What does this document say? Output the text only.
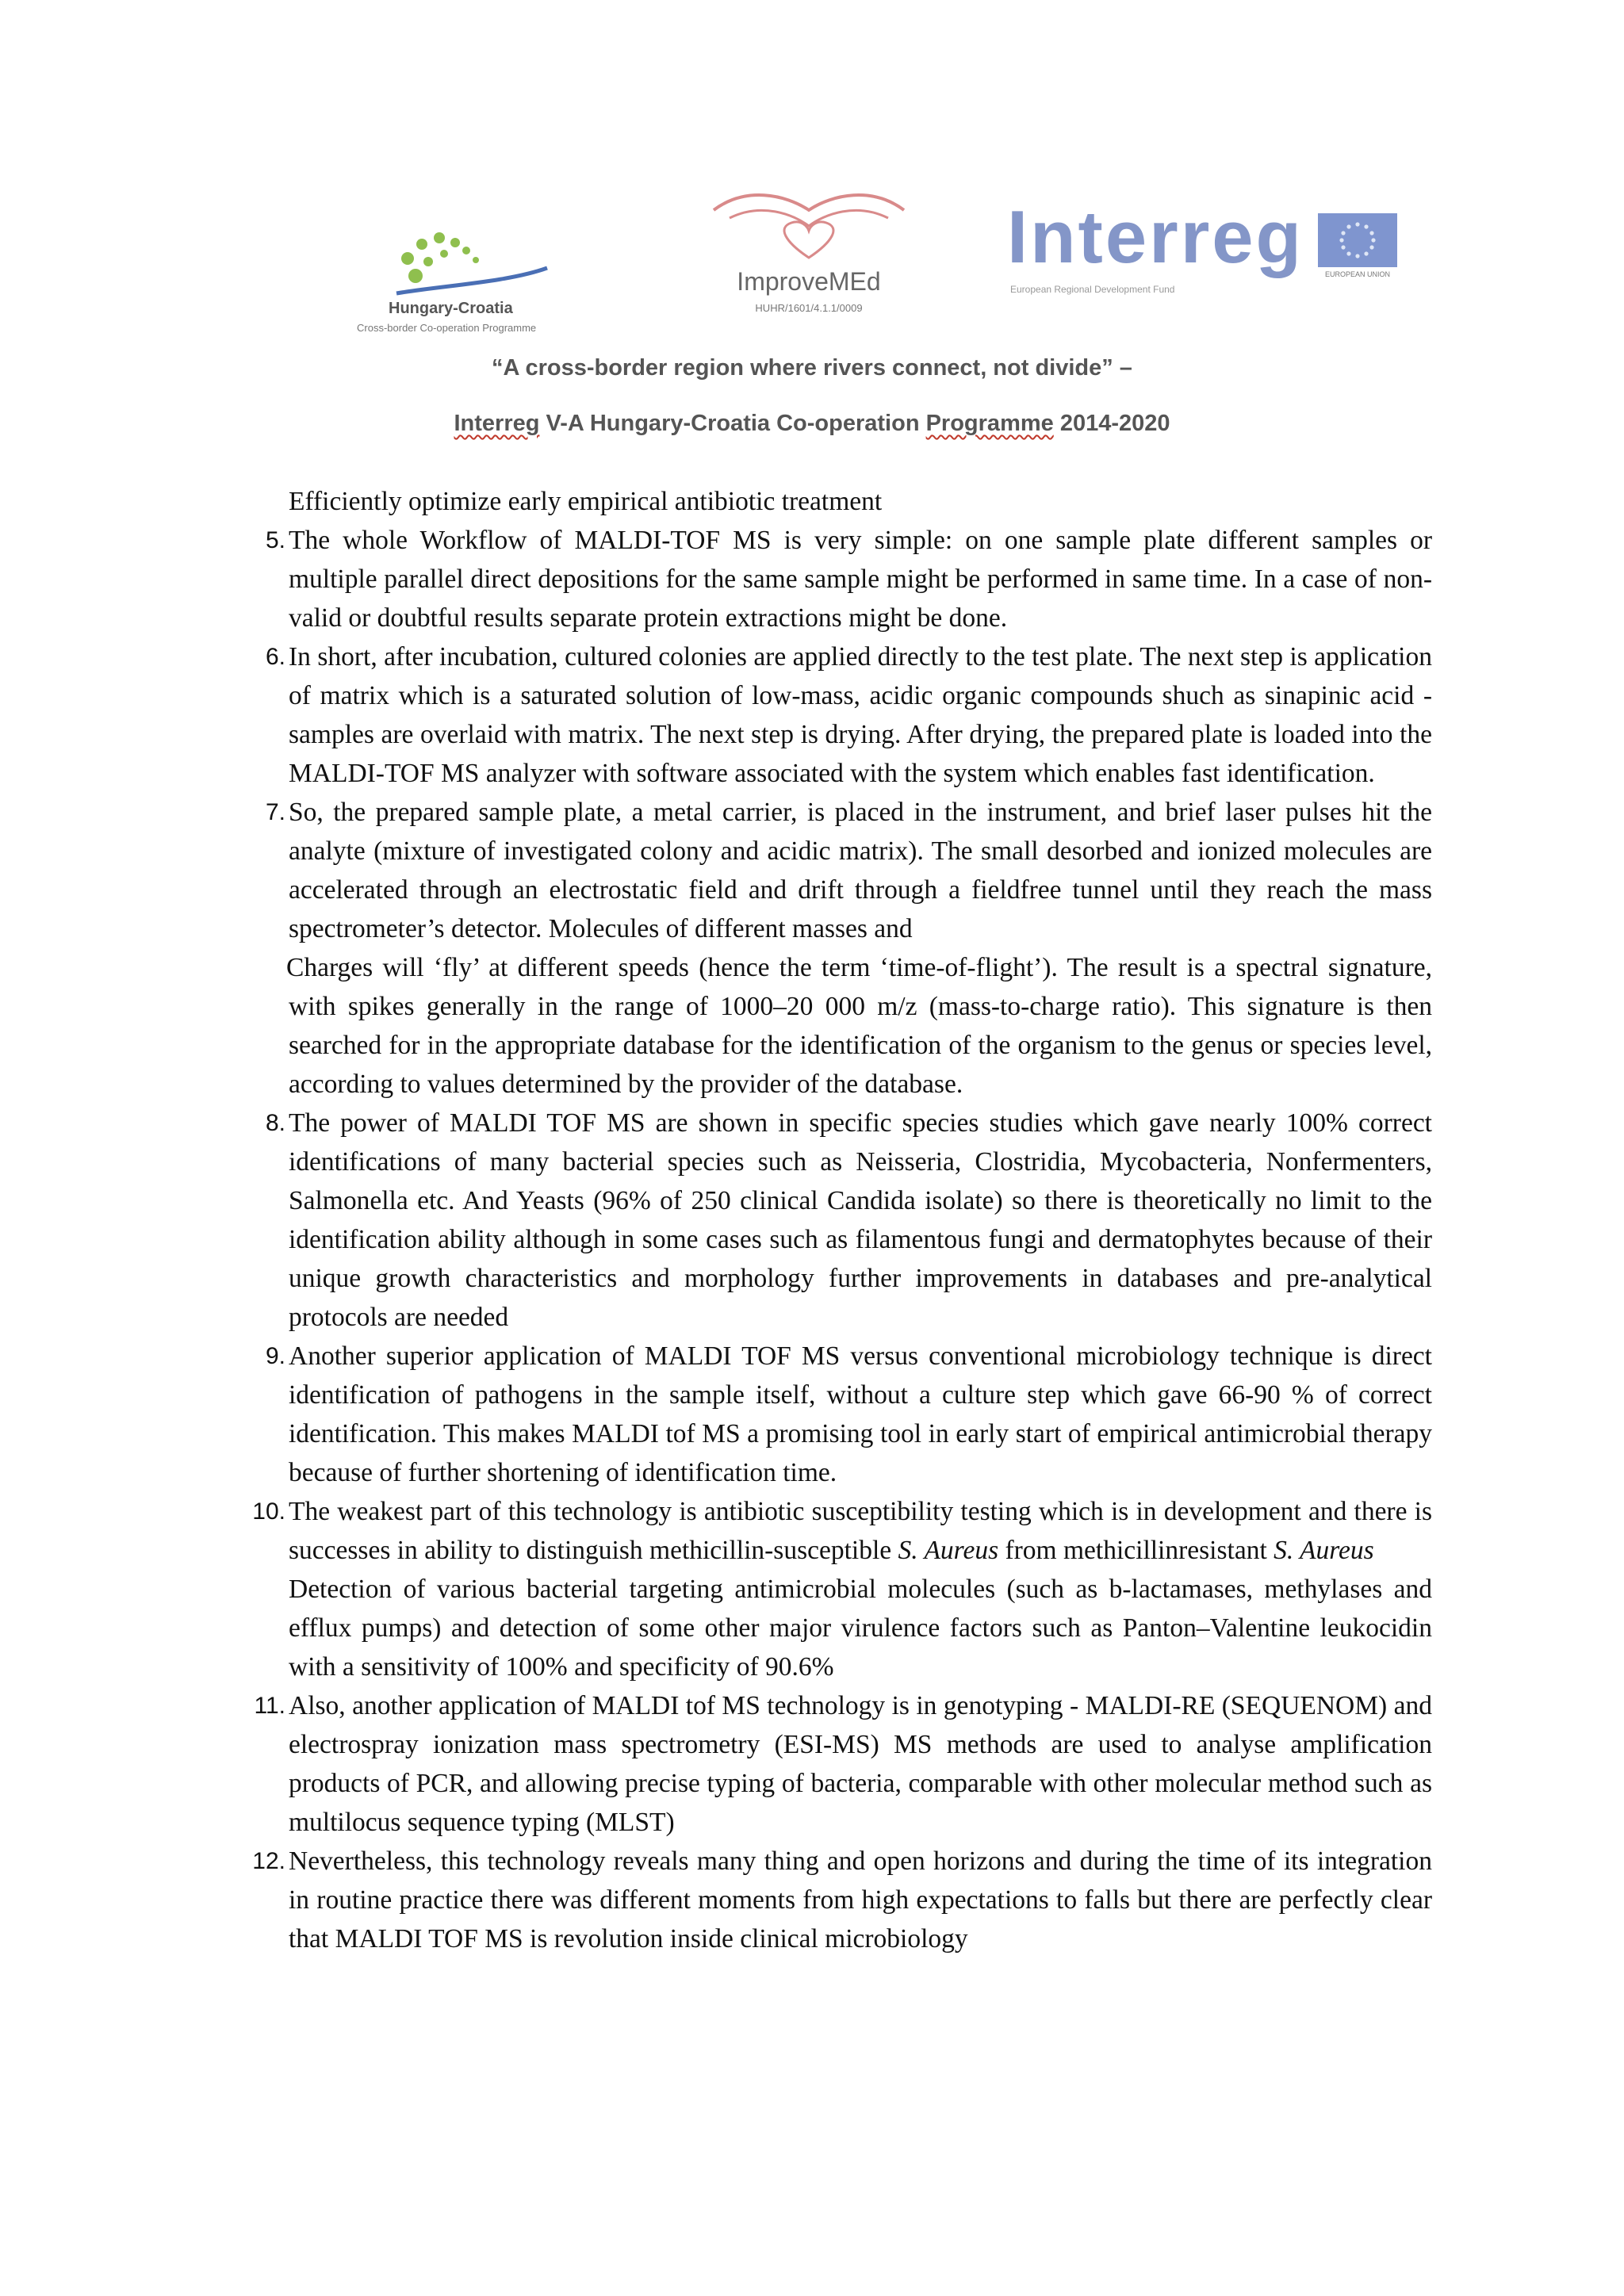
Hungary-Croatia
Cross-border Co-operation Programme
ImproveMEd
HUHR/1601/4.1.1/0009
Interreg
European Regional Development Fund
EUROPEAN UNION
“A cross-border region where rivers connect, not divide” –
Interreg V-A Hungary-Croatia Co-operation Programme 2014-2020

Efficiently optimize early empirical antibiotic treatment

5. The whole Workflow of MALDI-TOF MS is very simple: on one sample plate different samples or multiple parallel direct depositions for the same sample might be performed in same time. In a case of non- valid or doubtful results separate protein extractions might be done.
6. In short, after incubation, cultured colonies are applied directly to the test plate. The next step is application of matrix which is a saturated solution of low-mass, acidic organic compounds shuch as sinapinic acid - samples are overlaid with matrix. The next step is drying. After drying, the prepared plate is loaded into the MALDI-TOF MS analyzer with software associated with the system which enables fast identification.
7. So, the prepared sample plate, a metal carrier, is placed in the instrument, and brief laser pulses hit the analyte (mixture of investigated colony and acidic matrix). The small desorbed and ionized molecules are accelerated through an electrostatic field and drift through a fieldfree tunnel until they reach the mass spectrometer’s detector. Molecules of different masses and
Charges will ‘fly’ at different speeds (hence the term ‘time-of-flight’). The result is a spectral signature, with spikes generally in the range of 1000–20 000 m/z (mass-to-charge ratio). This signature is then searched for in the appropriate database for the identification of the organism to the genus or species level, according to values determined by the provider of the database.
8. The power of MALDI TOF MS are shown in specific species studies which gave nearly 100% correct identifications of many bacterial species such as Neisseria, Clostridia, Mycobacteria, Nonfermenters, Salmonella etc. And Yeasts (96% of 250 clinical Candida isolate) so there is theoretically no limit to the identification ability although in some cases such as filamentous fungi and dermatophytes because of their unique growth characteristics and morphology further improvements in databases and pre-analytical protocols are needed
9. Another superior application of MALDI TOF MS versus conventional microbiology technique is direct identification of pathogens in the sample itself, without a culture step which gave 66-90 % of correct identification. This makes MALDI tof MS a promising tool in early start of empirical antimicrobial therapy because of further shortening of identification time.
10. The weakest part of this technology is antibiotic susceptibility testing which is in development and there is successes in ability to distinguish methicillin-susceptible S. Aureus from methicillinresistant S. Aureus
Detection of various bacterial targeting antimicrobial molecules (such as b-lactamases, methylases and efflux pumps) and detection of some other major virulence factors such as Panton–Valentine leukocidin with a sensitivity of 100% and specificity of 90.6%
11. Also, another application of MALDI tof MS technology is in genotyping - MALDI-RE (SEQUENOM) and electrospray ionization mass spectrometry (ESI-MS) MS methods are used to analyse amplification products of PCR, and allowing precise typing of bacteria, comparable with other molecular method such as multilocus sequence typing (MLST)
12. Nevertheless, this technology reveals many thing and open horizons and during the time of its integration in routine practice there was different moments from high expectations to falls but there are perfectly clear that MALDI TOF MS is revolution inside clinical microbiology
